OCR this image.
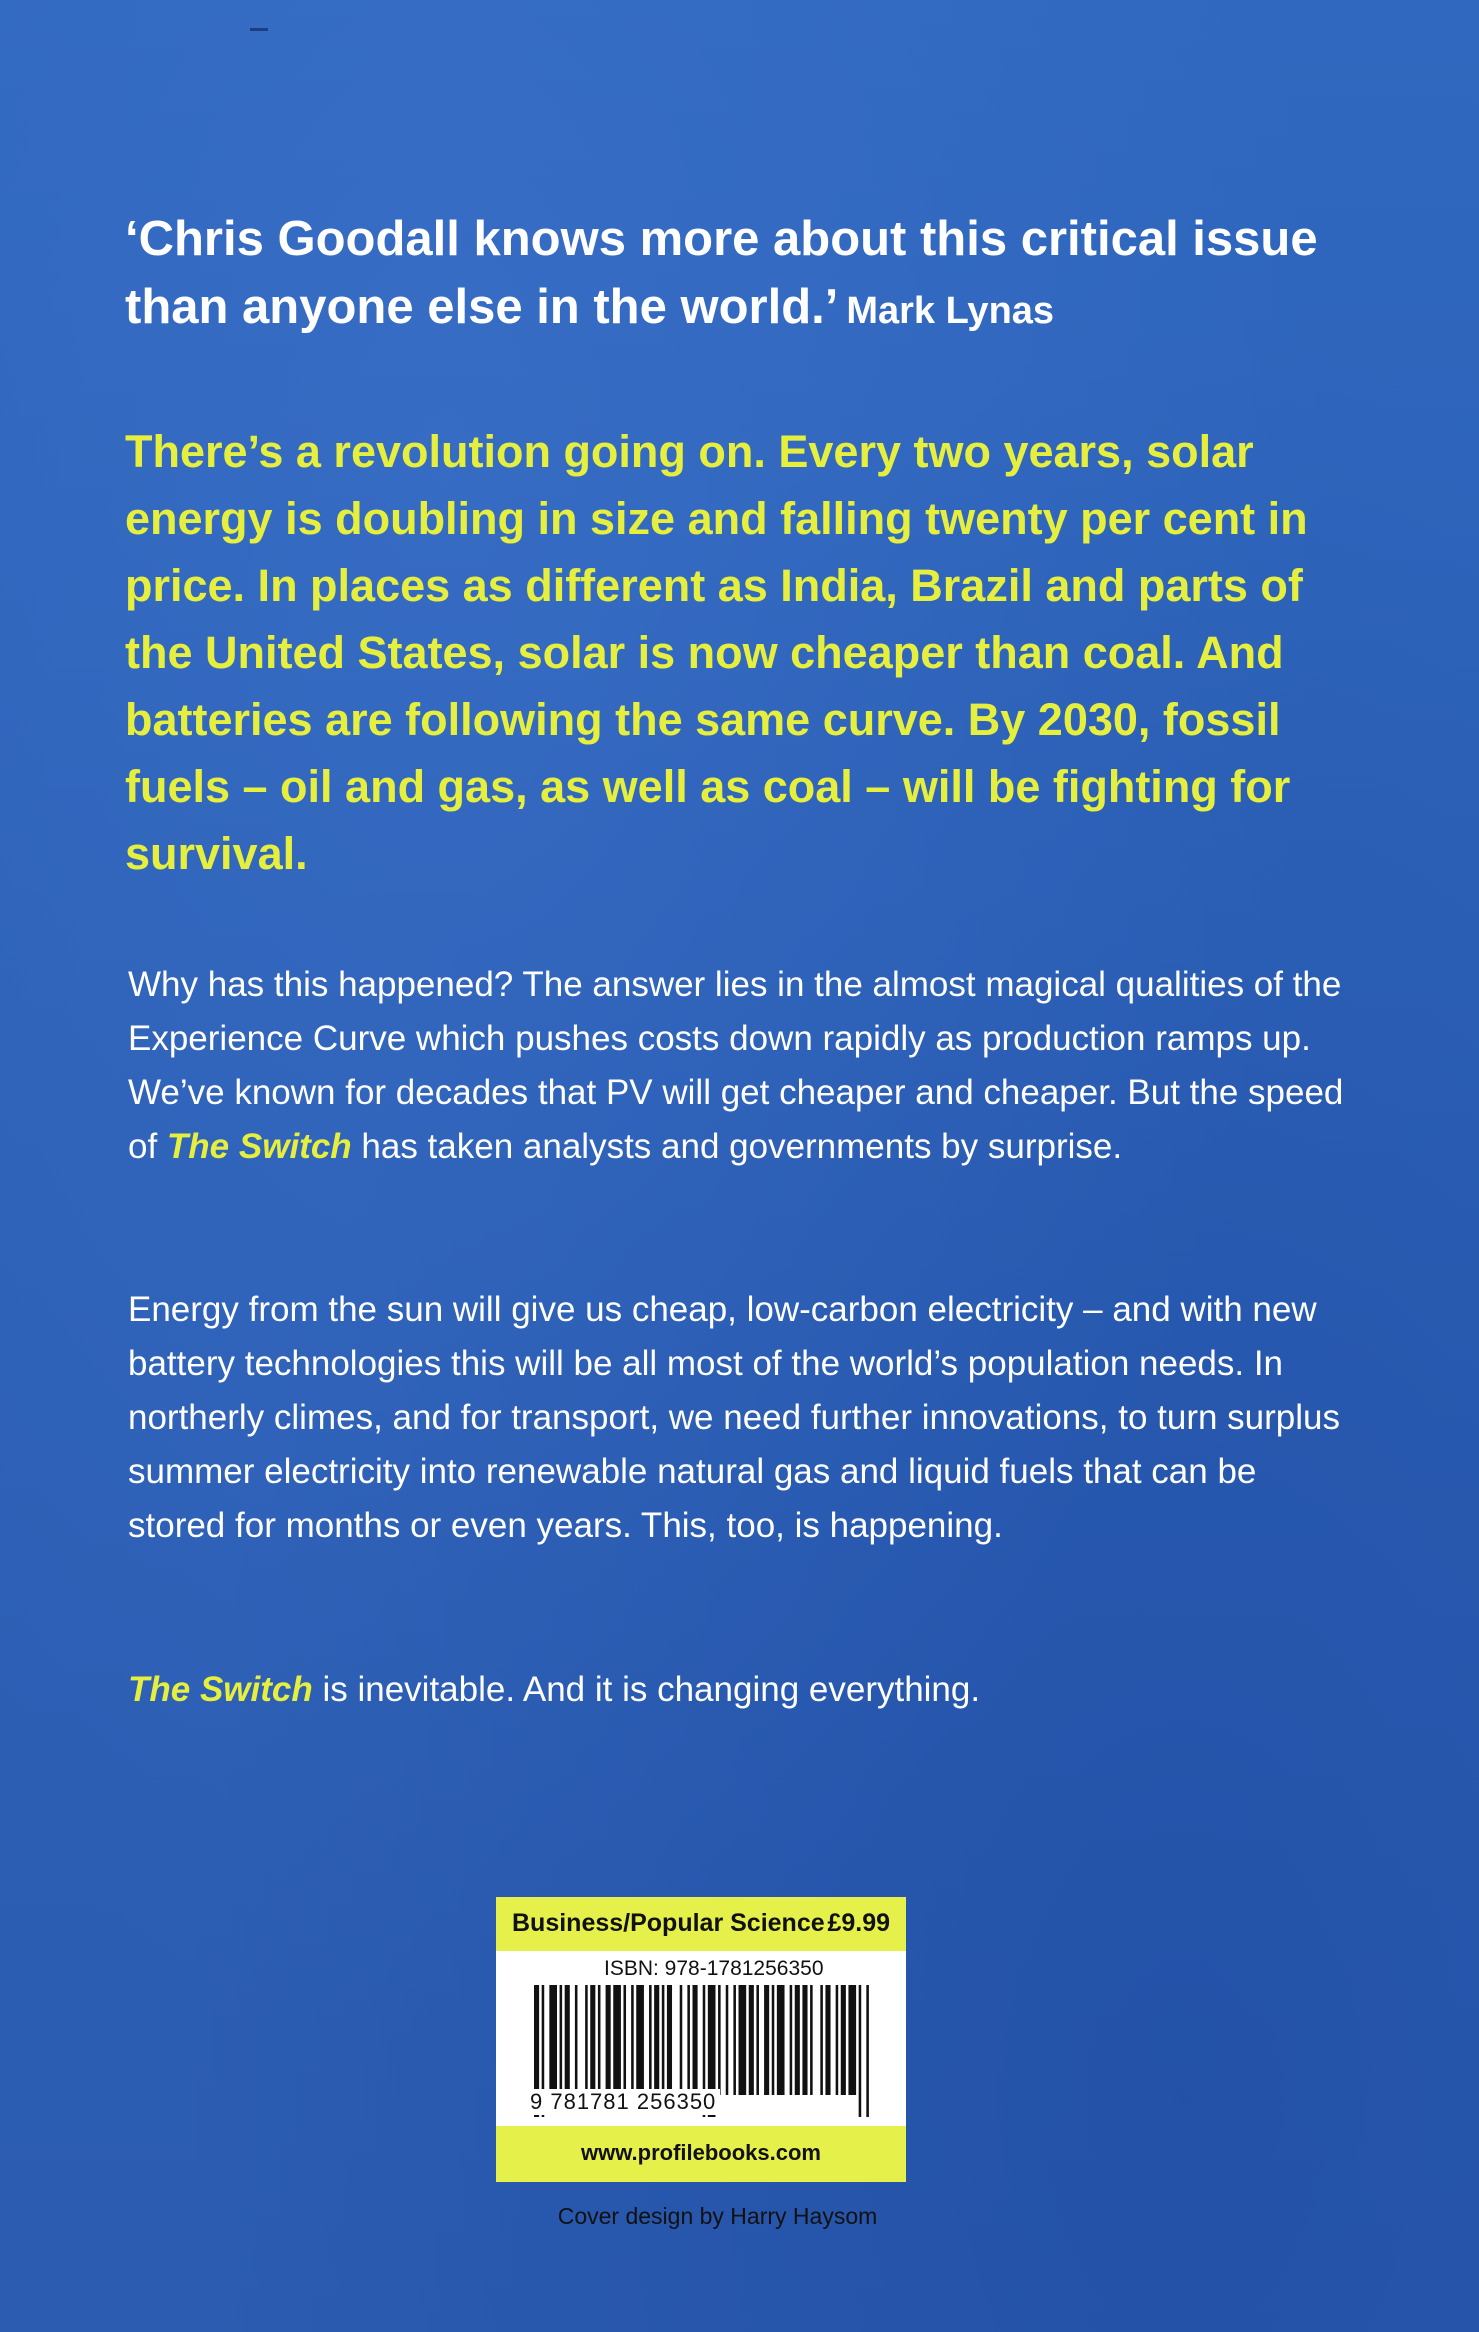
‘Chris Goodall knows more about this critical issue than anyone else in the world.’ Mark Lynas
There’s a revolution going on. Every two years, solar energy is doubling in size and falling twenty per cent in price. In places as different as India, Brazil and parts of the United States, solar is now cheaper than coal. And batteries are following the same curve. By 2030, fossil fuels – oil and gas, as well as coal – will be fighting for survival.
Why has this happened? The answer lies in the almost magical qualities of the Experience Curve which pushes costs down rapidly as production ramps up. We’ve known for decades that PV will get cheaper and cheaper. But the speed of The Switch has taken analysts and governments by surprise.
Energy from the sun will give us cheap, low-carbon electricity – and with new battery technologies this will be all most of the world’s population needs. In northerly climes, and for transport, we need further innovations, to turn surplus summer electricity into renewable natural gas and liquid fuels that can be stored for months or even years. This, too, is happening.
The Switch is inevitable. And it is changing everything.
Business/Popular Science £9.99
ISBN: 978-1781256350
9 781781 256350
www.profilebooks.com
Cover design by Harry Haysom
